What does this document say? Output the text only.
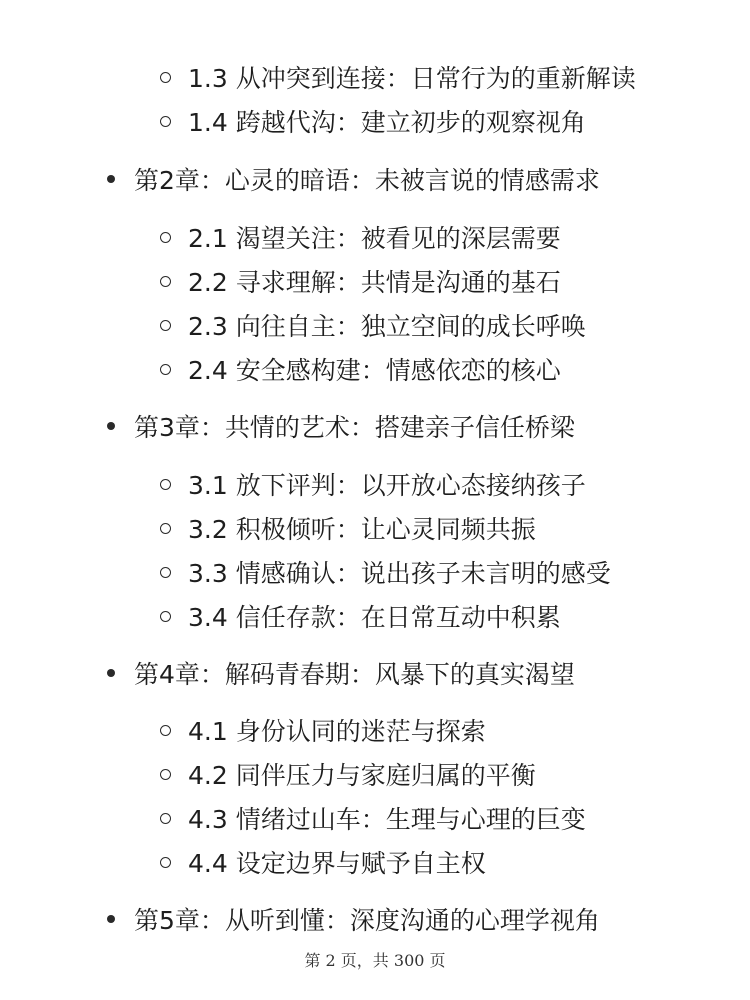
1.3 从冲突到连接：日常行为的重新解读
1.4 跨越代沟：建立初步的观察视角
第2章：心灵的暗语：未被言说的情感需求
2.1 渴望关注：被看见的深层需要
2.2 寻求理解：共情是沟通的基石
2.3 向往自主：独立空间的成长呼唤
2.4 安全感构建：情感依恋的核心
第3章：共情的艺术：搭建亲子信任桥梁
3.1 放下评判：以开放心态接纳孩子
3.2 积极倾听：让心灵同频共振
3.3 情感确认：说出孩子未言明的感受
3.4 信任存款：在日常互动中积累
第4章：解码青春期：风暴下的真实渴望
4.1 身份认同的迷茫与探索
4.2 同伴压力与家庭归属的平衡
4.3 情绪过山车：生理与心理的巨变
4.4 设定边界与赋予自主权
第5章：从听到懂：深度沟通的心理学视角
第 2 页，共 300 页
